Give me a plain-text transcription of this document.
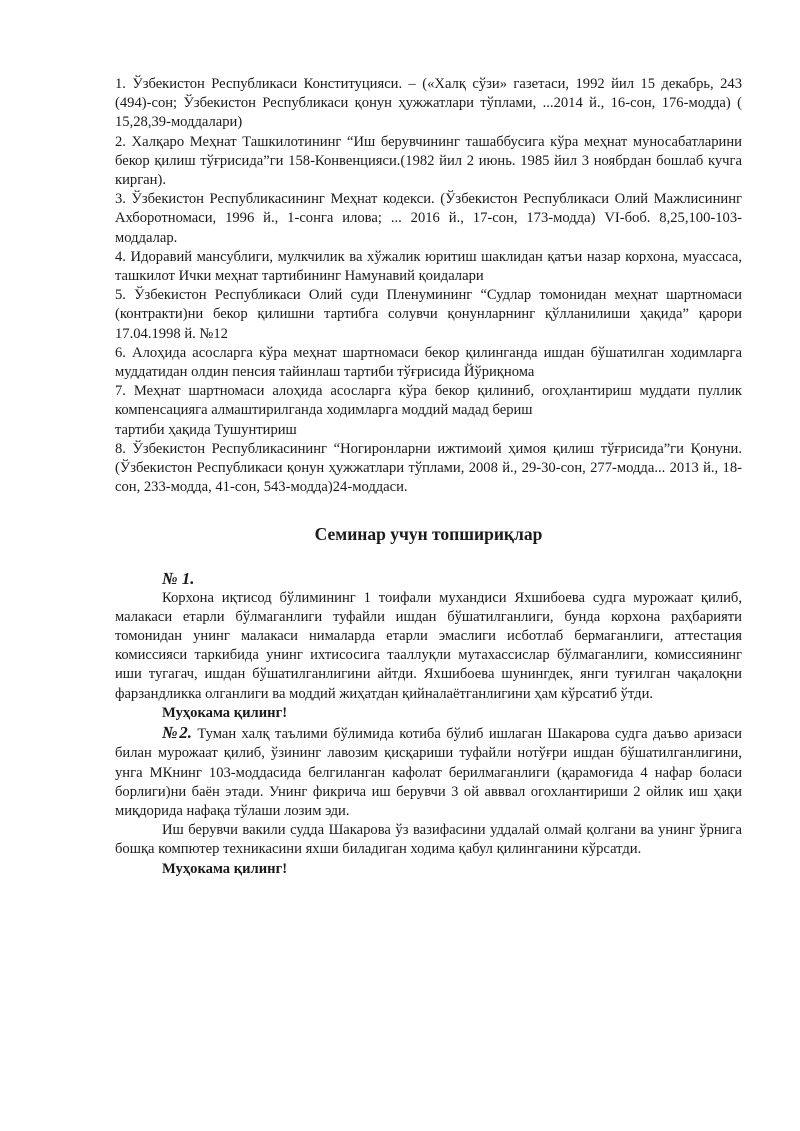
1. Ўзбекистон Республикаси Конституцияси. – («Халқ сўзи» газетаси, 1992 йил 15 декабрь, 243 (494)-сон; Ўзбекистон Республикаси қонун ҳужжатлари тўплами, ...2014 й., 16-сон, 176-модда) ( 15,28,39-моддалари)

2. Халқаро Меҳнат Ташкилотининг “Иш берувчининг ташаббусига кўра меҳнат муносабатларини бекор қилиш тўғрисида”ги 158-Конвенцияси.(1982 йил 2 июнь. 1985 йил 3 ноябрдан бошлаб кучга кирган).

3. Ўзбекистон Республикасининг Меҳнат кодекси. (Ўзбекистон Республикаси Олий Мажлисининг Ахборотномаси, 1996 й., 1-сонга илова; ... 2016 й., 17-сон, 173-модда) VI-боб. 8,25,100-103-моддалар.

4. Идоравий мансублиги, мулкчилик ва хўжалик юритиш шаклидан қатъи назар корхона, муассаса, ташкилот Ички меҳнат тартибининг Намунавий қоидалари

5. Ўзбекистон Республикаси Олий суди Пленумининг “Судлар томонидан меҳнат шартномаси (контракти)ни бекор қилишни тартибга солувчи қонунларнинг қўлланилиши ҳақида” қарори 17.04.1998 й. №12

6. Алоҳида асосларга кўра меҳнат шартномаси бекор қилинганда ишдан бўшатилган ходимларга муддатидан олдин пенсия тайинлаш тартиби тўғрисида Йўриқнома

7. Меҳнат шартномаси алоҳида асосларга кўра бекор қилиниб, огоҳлантириш муддати пуллик компенсацияга алмаштирилганда ходимларга моддий мадад бериш

тартиби ҳақида Тушунтириш

8. Ўзбекистон Республикасининг “Ногиронларни ижтимоий ҳимоя қилиш тўғрисида”ги Қонуни.(Ўзбекистон Республикаси қонун ҳужжатлари тўплами, 2008 й., 29-30-сон, 277-модда... 2013 й., 18-сон, 233-модда, 41-сон, 543-модда)24-моддаси.

Семинар учун топшириқлар
№ 1.

Корхона иқтисод бўлимининг 1 тоифали мухандиси Яхшибоева судга мурожаат қилиб, малакаси етарли бўлмаганлиги туфайли ишдан бўшатилганлиги, бунда корхона раҳбарияти томонидан унинг малакаси нималарда етарли эмаслиги исботлаб бермаганлиги, аттестация комиссияси таркибида унинг ихтисосига тааллуқли мутахассислар бўлмаганлиги, комиссиянинг иши тугагач, ишдан бўшатилганлигини айтди. Яхшибоева шунингдек, янги туғилган чақалоқни фарзандликка олганлиги ва моддий жиҳатдан қийналаётганлигини ҳам кўрсатиб ўтди.

Муҳокама қилинг!

№2. Туман халқ таълими бўлимида котиба бўлиб ишлаган Шакарова судга даъво аризаси билан мурожаат қилиб, ўзининг лавозим қисқариши туфайли нотўғри ишдан бўшатилганлигини, унга МКнинг 103-моддасида белгиланган кафолат берилмаганлиги (қарамоғида 4 нафар боласи борлиги)ни баён этади. Унинг фикрича иш берувчи 3 ой авввал огохлантириши 2 ойлик иш ҳақи миқдорида нафақа тўлаши лозим эди.

Иш берувчи вакили судда Шакарова ўз вазифасини уддалай олмай қолгани ва унинг ўрнига бошқа компютер техникасини яхши биладиган ходима қабул қилинганини кўрсатди.

Муҳокама қилинг!
